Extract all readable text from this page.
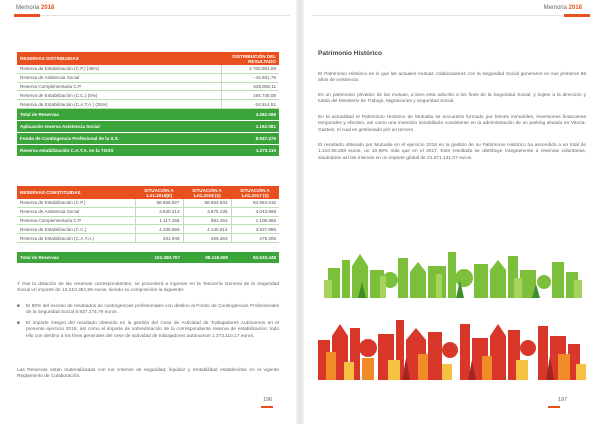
Memoria 2018
RESERVAS DISTRIBUIDAS	DISTRIBUCIÓN DEL RESULTADO
Reserva de Estabilización (C.P.) (45%)	4.700.881,99
Reserva de Asistencia Social	- 44.921,78
Reserva Complementaria C.P.	535.906,11
Reserva de Estabilización (C.C.) (5%)	194.745,08
Reserva de Estabilización (C.A.T.A.) (25%)	-24.514,51
Total de Reservas	4.262.098
Aplicación reserva Asistencia Social	1.162.081
Fondo de Contingencia Profesional de la S.S.	8.937.275
Reserva estabilización C.A.T.A. en la TGSS	1.273.110
RESERVAS CONSTITUIDAS	SITUACIÓN A 1.01.2019(€)	SITUACIÓN A 1.01.2018 (€)	SITUACIÓN A 1.01.2017 (€)
Reserva de Estabilización (C.P.)	98.665.827	88.864.944	84.963.515
Reserva de Asistencia Social	3.830.213	3.875.135	4.043.868
Reserva Complementaria C.P.	1.117.159	981.253	1.108.965
Reserva de Estabilización (C.C.)	4.335.559	4.140.814	3.937.895
Reserva de Estabilización (C.A.T.A.)	431.949	456.463	479.205

Total de Reservas	102.380.707	98.118.609	94.533.448

Y tras la dotación de las reservas correspondientes, se procederá a ingresar en la Tesorería General de la Seguridad Social un importe de 10.210.384,96 euros, siendo su composición la siguiente:

■	El 80% del exceso de resultados de contingencias profesionales con destino al Fondo de Contingencias Profesionales de la Seguridad Social 8.937.274,79 euros.
■	El importe íntegro del resultado obtenido en la gestión del Cese de Actividad de Trabajadores Autónomos en el presente ejercicio 2018, así como el importe de sobredotación de la correspondiente reserva de estabilización; todo ello con destino a los fines generales del cese de actividad de trabajadores autónomos 1.273.110,17 euros.

Las Reservas están materializadas con los criterios de seguridad, liquidez y rentabilidad establecidos en el vigente Reglamento de Colaboración.

196
Memoria 2018
Patrimonio Histórico

El Patrimonio Histórico es lo que las actuales mutuas colaboradoras con la Seguridad Social generaron en sus primeros 66 años de existencia.

Es un patrimonio privativo de las mutuas, a bien esta adscrito a los fines de la Seguridad Social, y sujeto a la dirección y tutela del Ministerio de Trabajo, Migraciones y Seguridad Social.

En la actualidad el Patrimonio Histórico de Mutualia se encuentra formado por bienes inmuebles, inversiones financieras temporales y efectivo, así como una inversión inmobiliaria consistente en la administración de un parking situado en Vitoria-Gasteiz, el cual es gestionado por un tercero.

El resultado obtenido por Mutualia en el ejercicio 2018 en la gestión de su Patrimonio Histórico ha ascendido a un total de 1.310.99.258 euros, un 10,99% más que en el 2017. Este resultado se distribuye íntegramente a reservas voluntarias, situándose así las mismas en un importe global de 21.571.131,07 euros.

197
